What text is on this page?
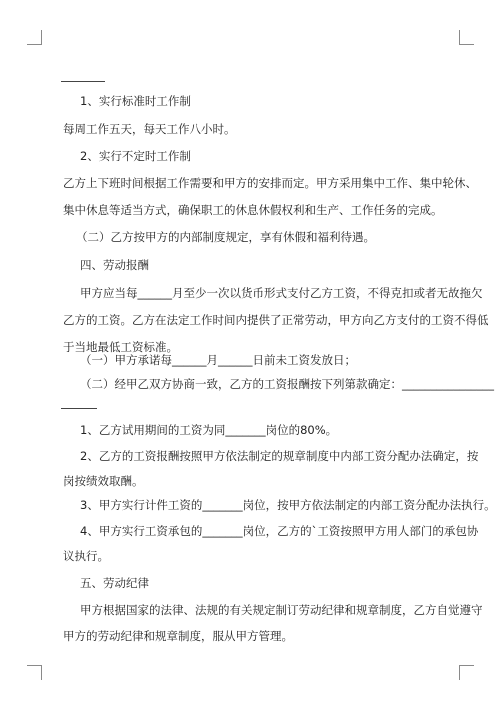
1、实行标准时工作制
每周工作五天，每天工作八小时。
2、实行不定时工作制
乙方上下班时间根据工作需要和甲方的安排而定。甲方采用集中工作、集中轮休、
集中休息等适当方式，确保职工的休息休假权利和生产、工作任务的完成。
（二）乙方按甲方的内部制度规定，享有休假和福利待遇。
四、劳动报酬
甲方应当每______月至少一次以货币形式支付乙方工资，不得克扣或者无故拖欠
乙方的工资。乙方在法定工作时间内提供了正常劳动，甲方向乙方支付的工资不得低
于当地最低工资标准。
（一）甲方承诺每______月______日前未工资发放日；
（二）经甲乙双方协商一致，乙方的工资报酬按下列第款确定：________________
1、乙方试用期间的工资为同_______岗位的80%。
2、乙方的工资报酬按照甲方依法制定的规章制度中内部工资分配办法确定，按
岗按绩效取酬。
3、甲方实行计件工资的_______岗位，按甲方依法制定的内部工资分配办法执行。
4、甲方实行工资承包的_______岗位，乙方的`工资按照甲方用人部门的承包协
议执行。
五、劳动纪律
甲方根据国家的法律、法规的有关规定制订劳动纪律和规章制度，乙方自觉遵守
甲方的劳动纪律和规章制度，服从甲方管理。
